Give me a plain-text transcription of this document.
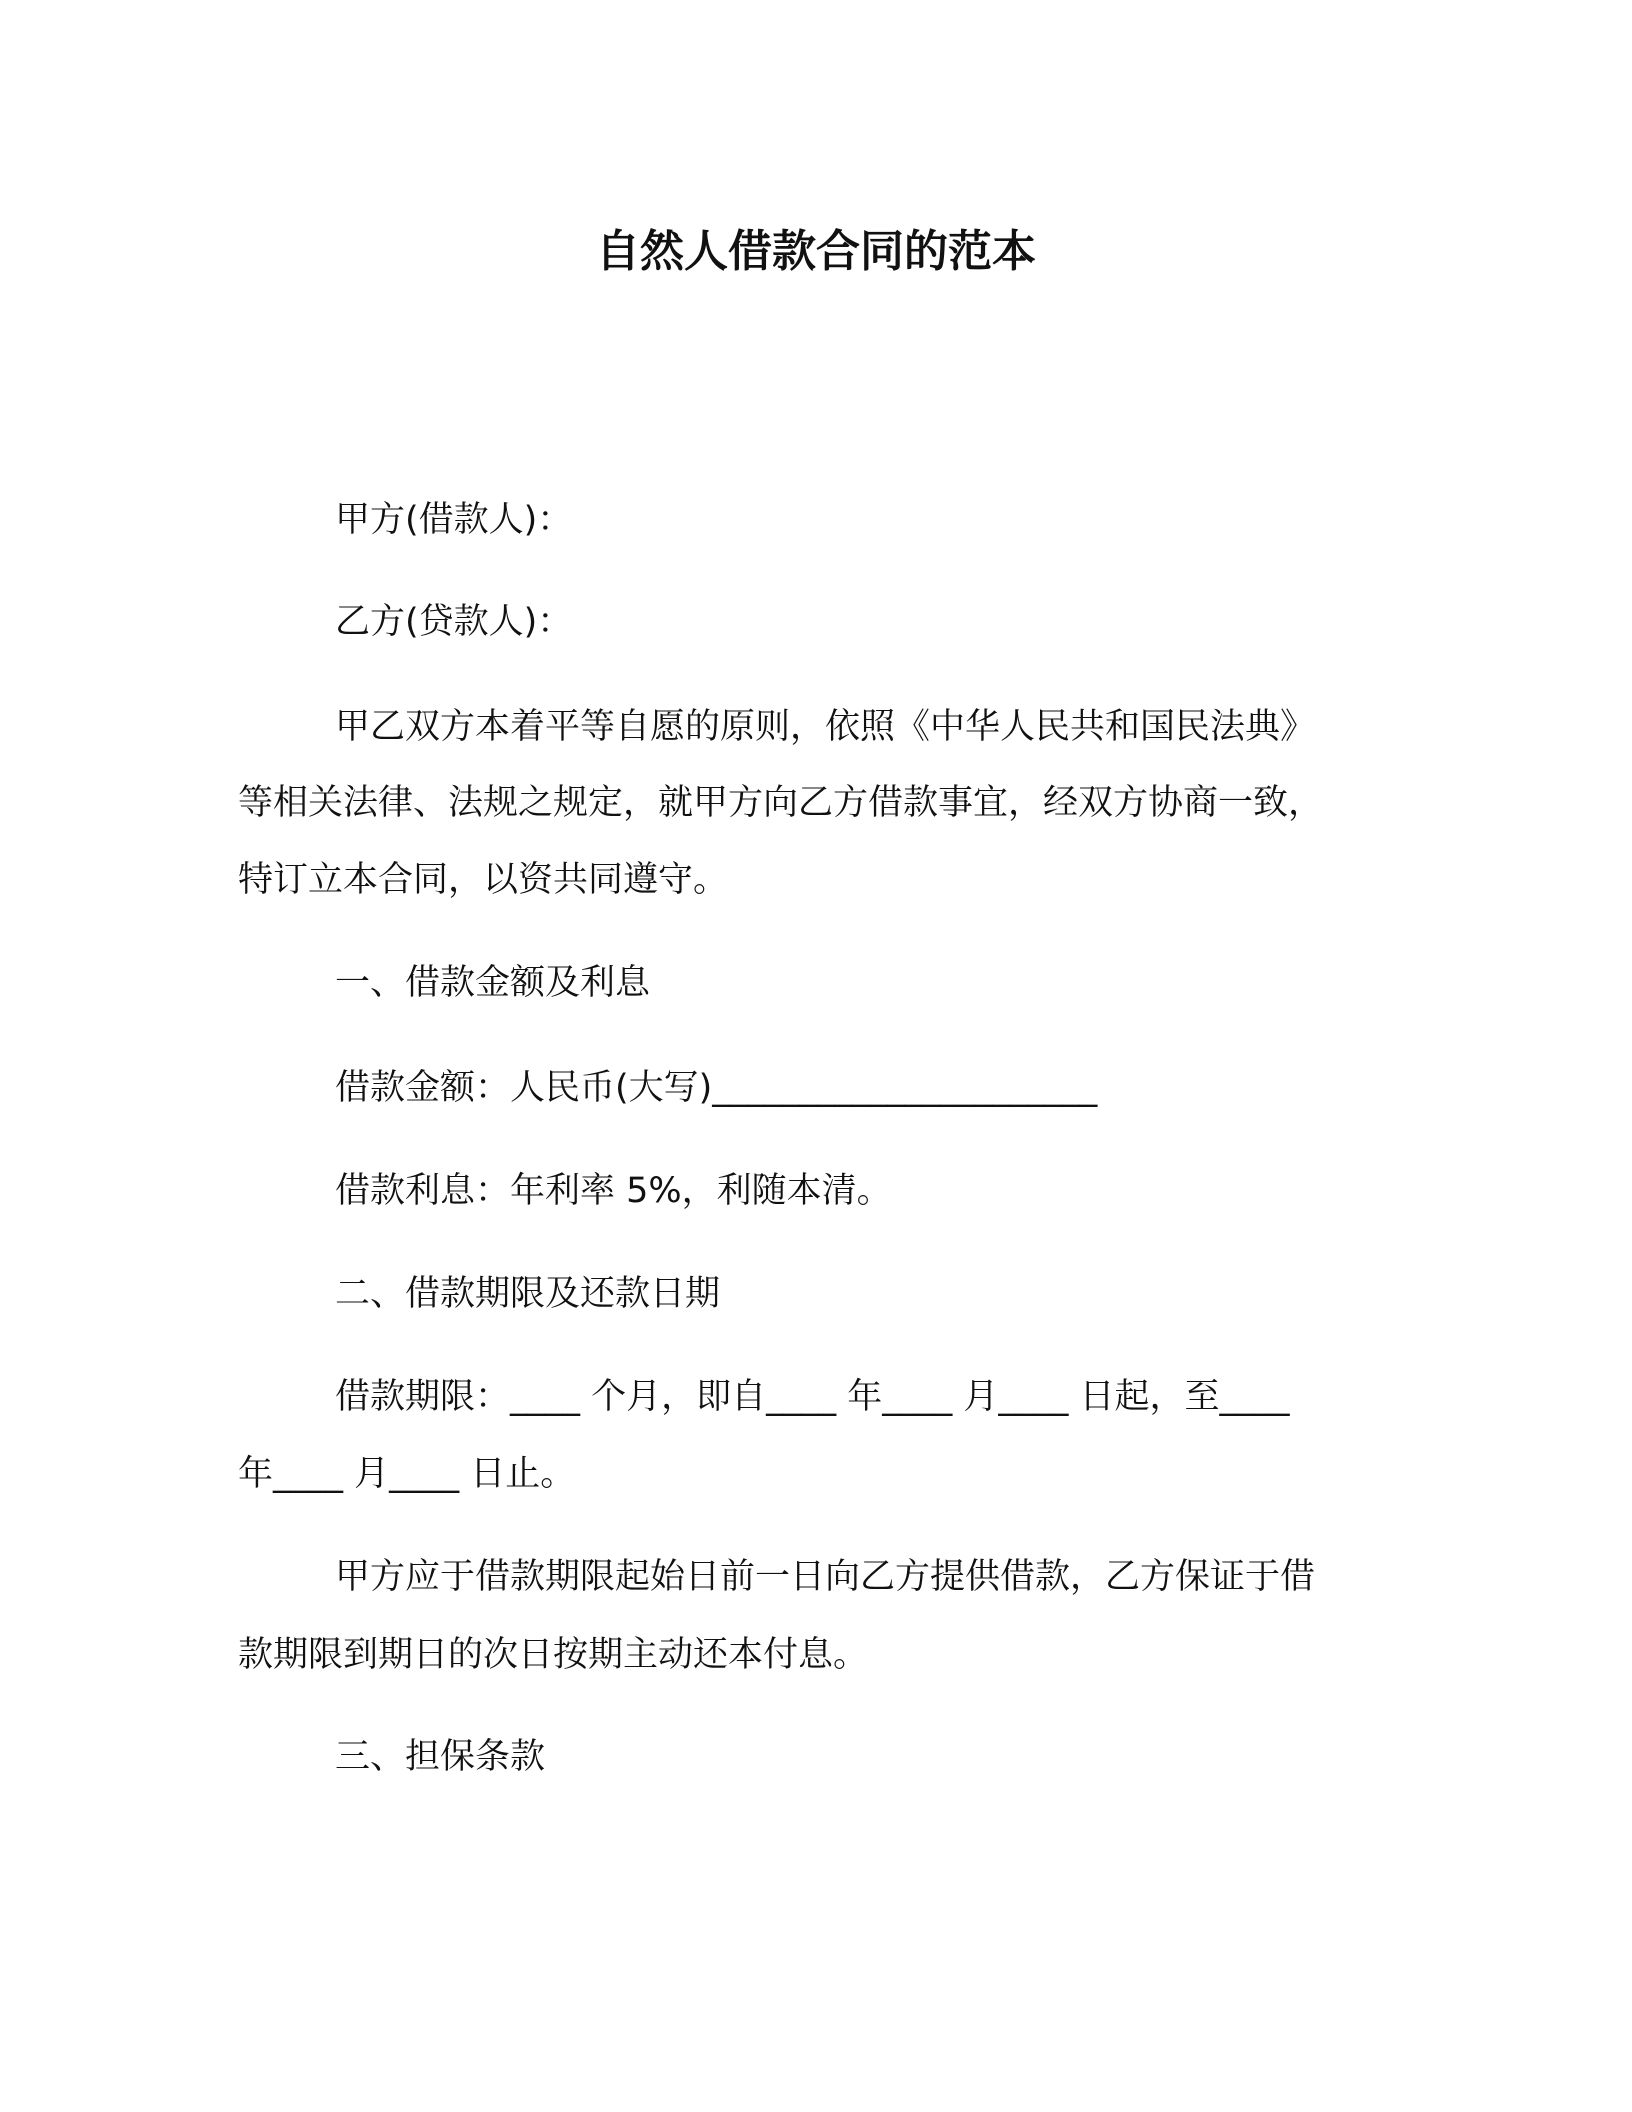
自然人借款合同的范本
甲方(借款人)：
乙方(贷款人)：
甲乙双方本着平等自愿的原则，依照《中华人民共和国民法典》
等相关法律、法规之规定，就甲方向乙方借款事宜，经双方协商一致，
特订立本合同，以资共同遵守。
一、借款金额及利息
借款金额：人民币(大写)______________________
借款利息：年利率 5%，利随本清。
二、借款期限及还款日期
借款期限：____ 个月，即自____ 年____ 月____ 日起，至____
年____ 月____ 日止。
甲方应于借款期限起始日前一日向乙方提供借款，乙方保证于借
款期限到期日的次日按期主动还本付息。
三、担保条款
